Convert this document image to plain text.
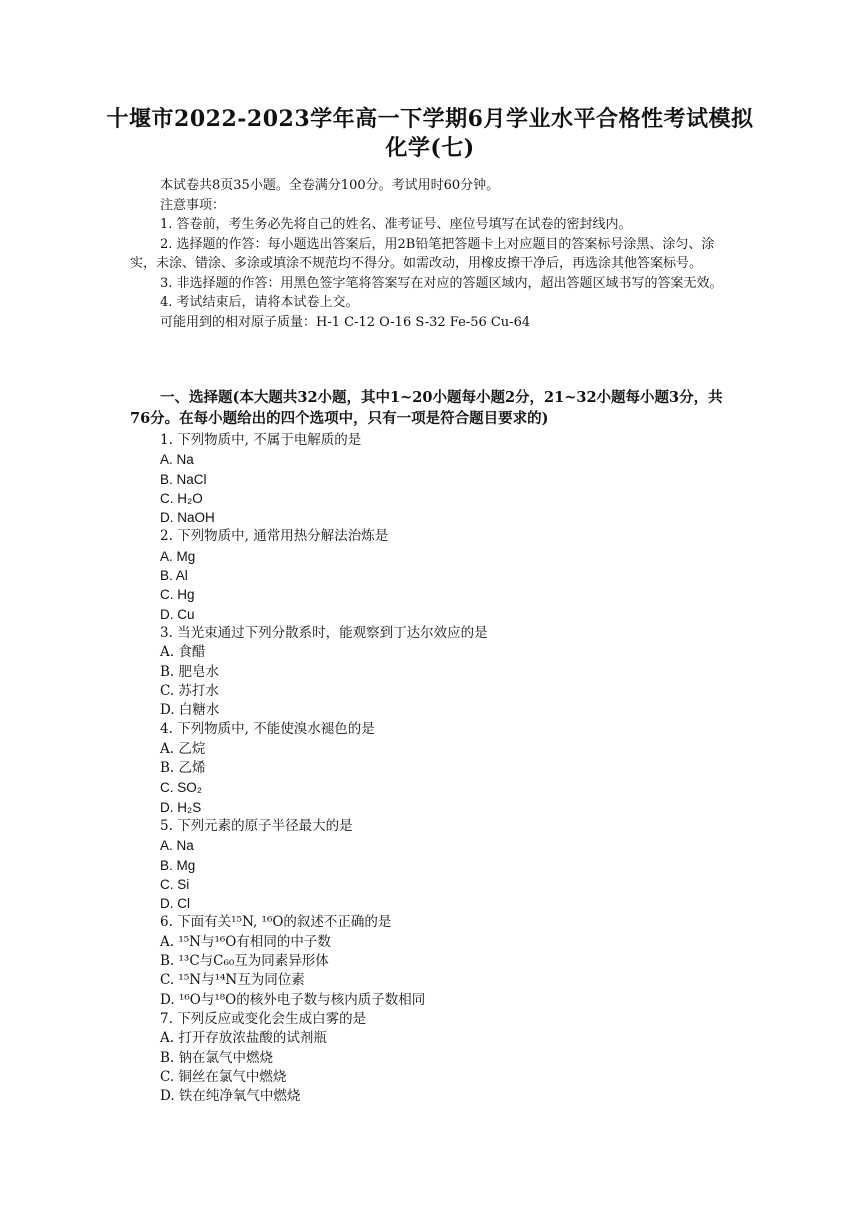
十堰市2022-2023学年高一下学期6月学业水平合格性考试模拟
化学(七)

本试卷共8页35小题。全卷满分100分。考试用时60分钟。

注意事项：

1. 答卷前，考生务必先将自己的姓名、准考证号、座位号填写在试卷的密封线内。

2. 选择题的作答：每小题选出答案后，用2B铅笔把答题卡上对应题目的答案标号涂黑、涂匀、涂实，未涂、错涂、多涂或填涂不规范均不得分。如需改动，用橡皮擦干净后，再选涂其他答案标号。

3. 非选择题的作答：用黑色签字笔将答案写在对应的答题区域内，超出答题区域书写的答案无效。

4. 考试结束后，请将本试卷上交。

可能用到的相对原子质量：H-1 C-12 O-16 S-32 Fe-56 Cu-64

一、选择题(本大题共32小题，其中1~20小题每小题2分，21~32小题每小题3分，共76分。在每小题给出的四个选项中，只有一项是符合题目要求的)

1. 下列物质中, 不属于电解质的是
A. Na
B. NaCl
C. H₂O
D. NaOH
2. 下列物质中, 通常用热分解法治炼是
A. Mg
B. Al
C. Hg
D. Cu
3. 当光束通过下列分散系时，能观察到丁达尔效应的是
A. 食醋
B. 肥皂水
C. 苏打水
D. 白糖水
4. 下列物质中, 不能使溴水褪色的是
A. 乙烷
B. 乙烯
C. SO₂
D. H₂S
5. 下列元素的原子半径最大的是
A. Na
B. Mg
C. Si
D. Cl
6. 下面有关¹⁵N, ¹⁶O的叙述不正确的是
A. ¹⁵N与¹⁶O有相同的中子数
B. ¹³C与C₆₀互为同素异形体
C. ¹⁵N与¹⁴N互为同位素
D. ¹⁶O与¹⁸O的核外电子数与核内质子数相同
7. 下列反应或变化会生成白雾的是
A. 打开存放浓盐酸的试剂瓶
B. 钠在氯气中燃烧
C. 铜丝在氯气中燃烧
D. 铁在纯净氧气中燃烧
